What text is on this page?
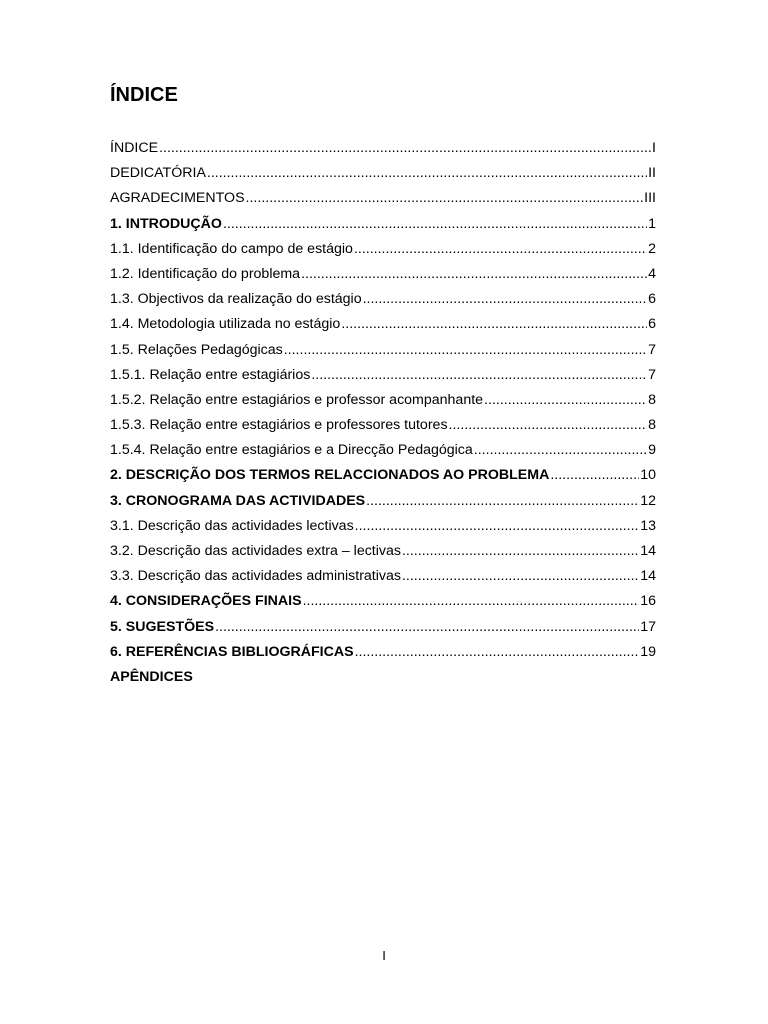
ÍNDICE
ÍNDICE .....	I
DEDICATÓRIA .....	II
AGRADECIMENTOS .....	III
1. INTRODUÇÃO .....	1
1.1. Identificação do campo de estágio .....	2
1.2. Identificação do problema .....	4
1.3. Objectivos da realização do estágio .....	6
1.4. Metodologia utilizada no estágio .....	6
1.5. Relações Pedagógicas .....	7
1.5.1. Relação entre estagiários .....	7
1.5.2. Relação entre estagiários e professor acompanhante .....	8
1.5.3. Relação entre estagiários e professores tutores .....	8
1.5.4. Relação entre estagiários e a Direcção Pedagógica .....	9
2. DESCRIÇÃO DOS TERMOS RELACCIONADOS AO PROBLEMA .....	10
3. CRONOGRAMA DAS ACTIVIDADES .....	12
3.1. Descrição das actividades lectivas .....	13
3.2. Descrição das actividades extra – lectivas .....	14
3.3. Descrição das actividades administrativas .....	14
4. CONSIDERAÇÕES FINAIS .....	16
5. SUGESTÕES .....	17
6. REFERÊNCIAS BIBLIOGRÁFICAS .....	19
APÊNDICES
I
